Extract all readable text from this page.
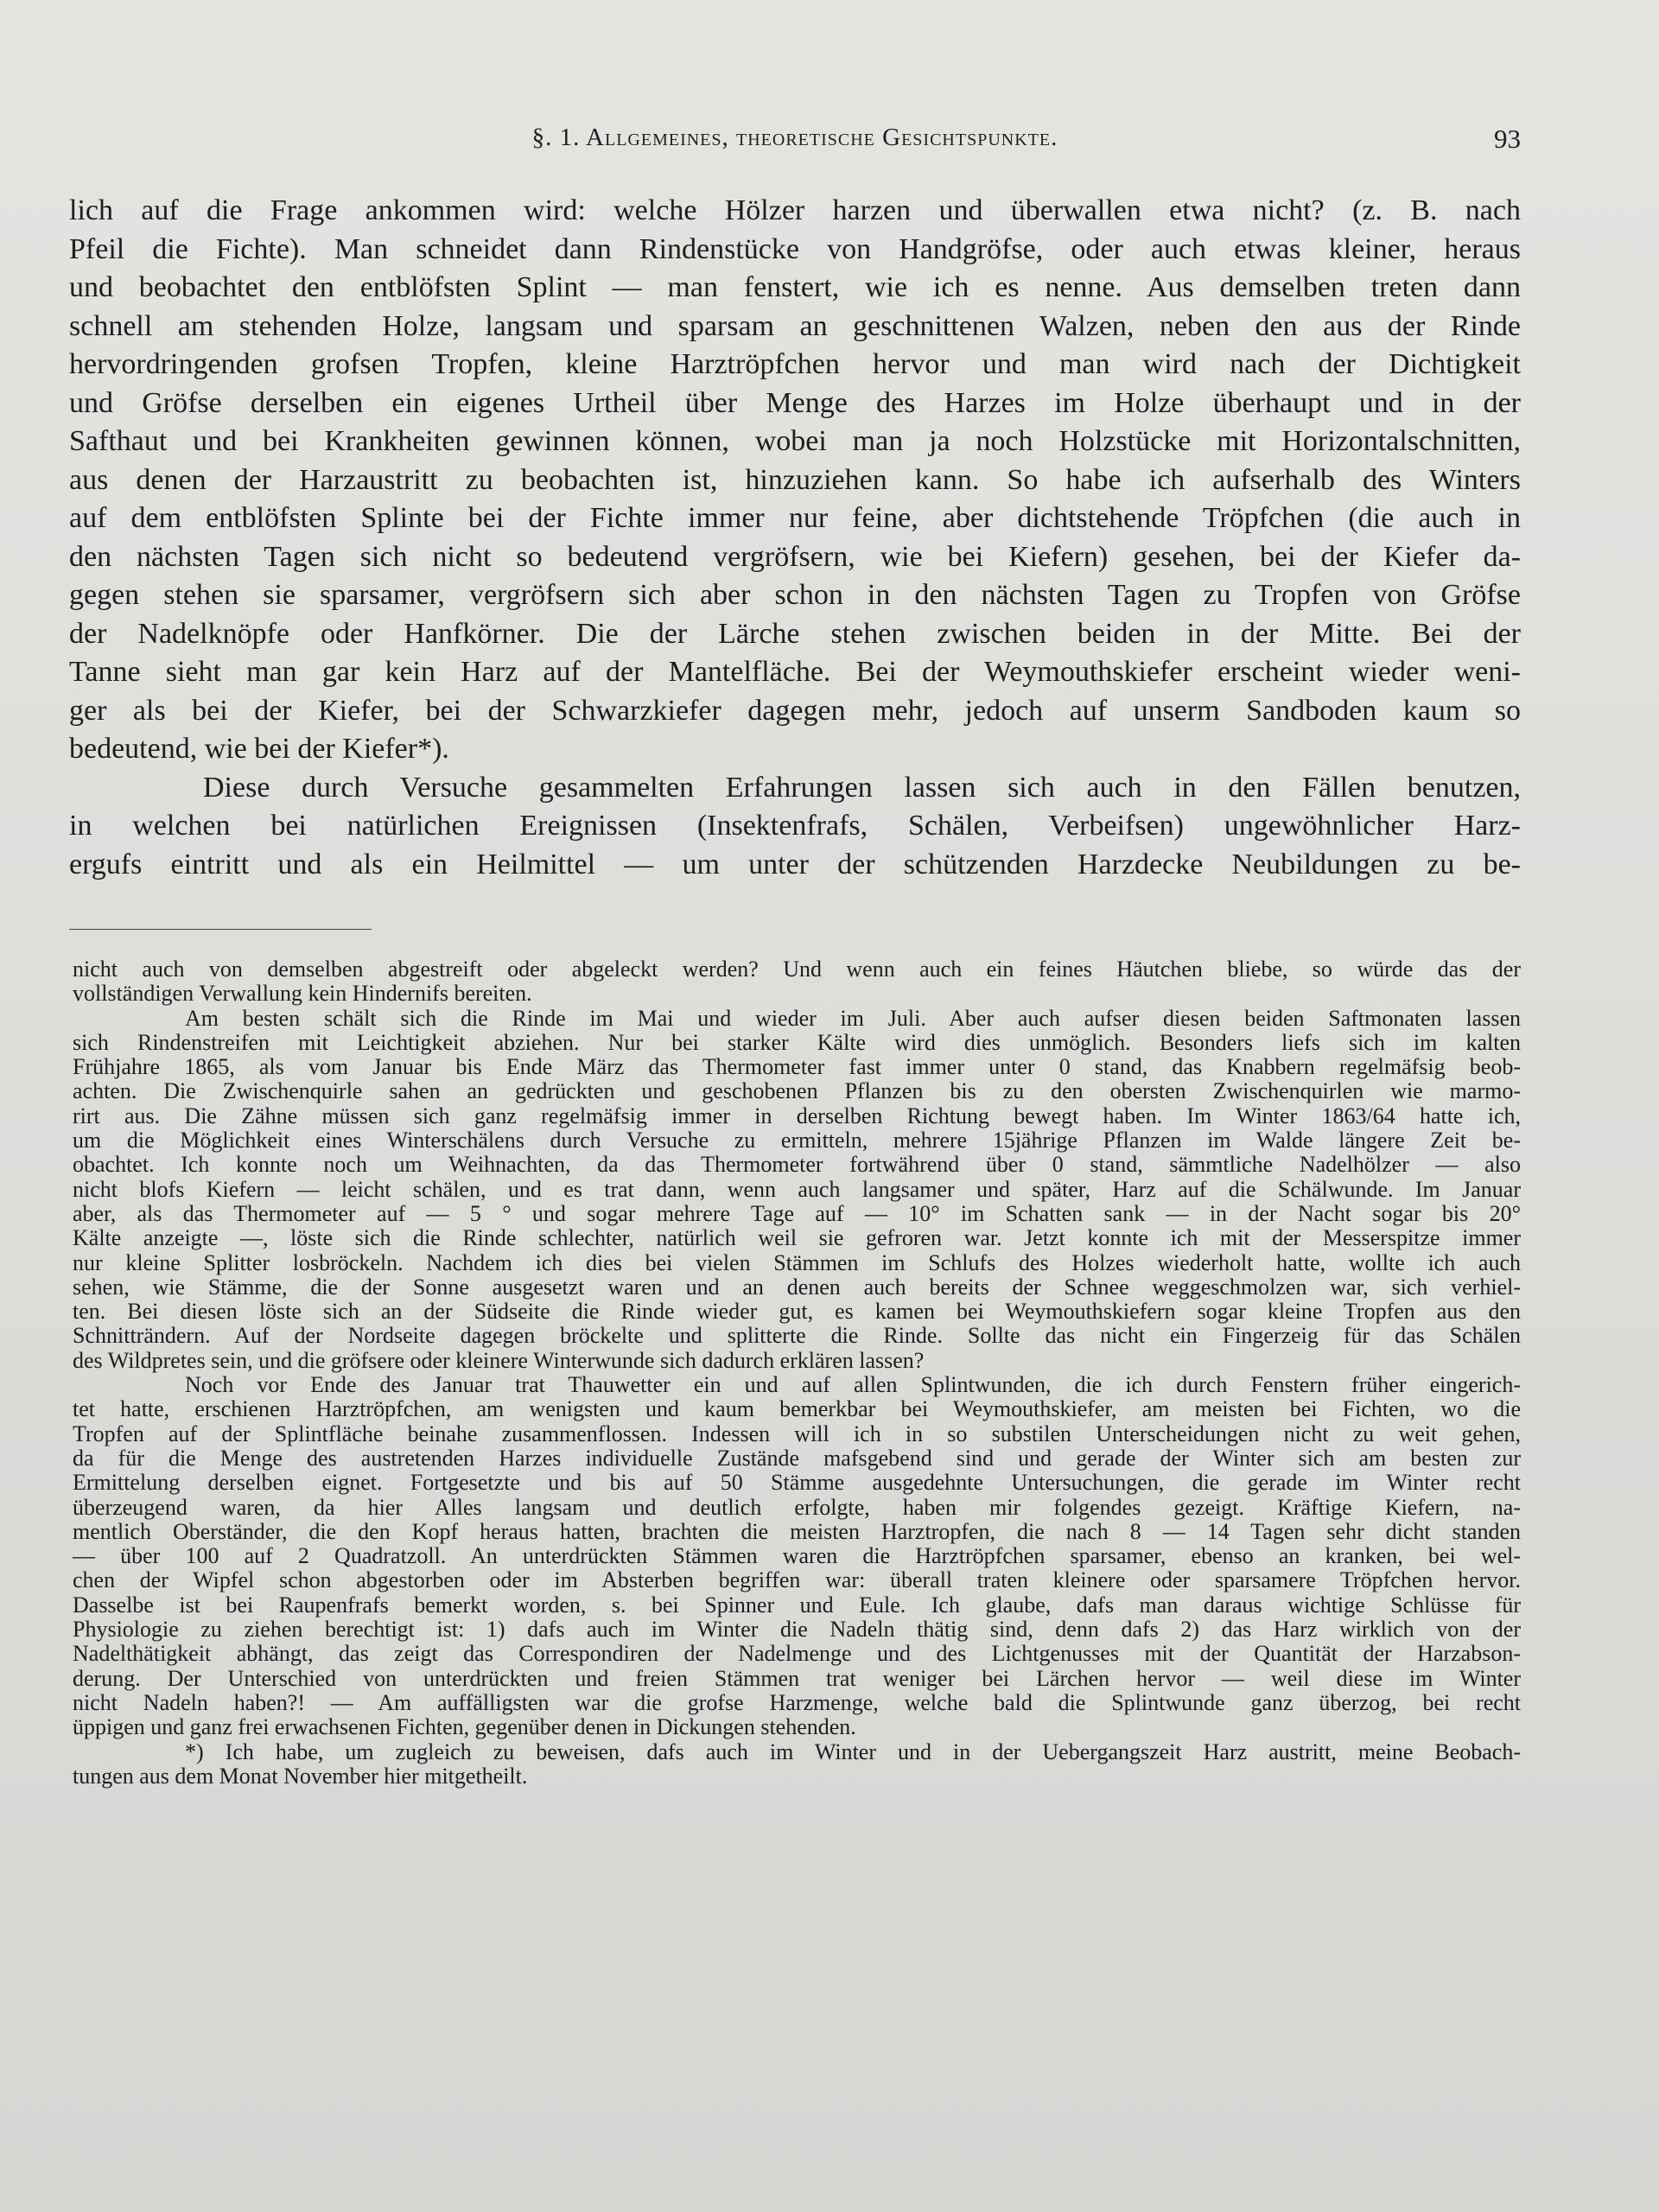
§. 1. Allgemeines, theoretische Gesichtspunkte.	93
lich auf die Frage ankommen wird: welche Hölzer harzen und überwallen etwa nicht? (z. B. nach
Pfeil die Fichte). Man schneidet dann Rindenstücke von Handgröfse, oder auch etwas kleiner, heraus
und beobachtet den entblöfsten Splint — man fenstert, wie ich es nenne. Aus demselben treten dann
schnell am stehenden Holze, langsam und sparsam an geschnittenen Walzen, neben den aus der Rinde
hervordringenden grofsen Tropfen, kleine Harztröpfchen hervor und man wird nach der Dichtigkeit
und Gröfse derselben ein eigenes Urtheil über Menge des Harzes im Holze überhaupt und in der
Safthaut und bei Krankheiten gewinnen können, wobei man ja noch Holzstücke mit Horizontalschnitten,
aus denen der Harzaustritt zu beobachten ist, hinzuziehen kann. So habe ich aufserhalb des Winters
auf dem entblöfsten Splinte bei der Fichte immer nur feine, aber dichtstehende Tröpfchen (die auch in
den nächsten Tagen sich nicht so bedeutend vergröfsern, wie bei Kiefern) gesehen, bei der Kiefer da-
gegen stehen sie sparsamer, vergröfsern sich aber schon in den nächsten Tagen zu Tropfen von Gröfse
der Nadelknöpfe oder Hanfkörner. Die der Lärche stehen zwischen beiden in der Mitte. Bei der
Tanne sieht man gar kein Harz auf der Mantelfläche. Bei der Weymouthskiefer erscheint wieder weni-
ger als bei der Kiefer, bei der Schwarzkiefer dagegen mehr, jedoch auf unserm Sandboden kaum so
bedeutend, wie bei der Kiefer*).
Diese durch Versuche gesammelten Erfahrungen lassen sich auch in den Fällen benutzen,
in welchen bei natürlichen Ereignissen (Insektenfrafs, Schälen, Verbeifsen) ungewöhnlicher Harz-
ergufs eintritt und als ein Heilmittel — um unter der schützenden Harzdecke Neubildungen zu be-
nicht auch von demselben abgestreift oder abgeleckt werden? Und wenn auch ein feines Häutchen bliebe, so würde das der
vollständigen Verwallung kein Hindernifs bereiten.
Am besten schält sich die Rinde im Mai und wieder im Juli. Aber auch aufser diesen beiden Saftmonaten lassen
sich Rindenstreifen mit Leichtigkeit abziehen. Nur bei starker Kälte wird dies unmöglich. Besonders liefs sich im kalten
Frühjahre 1865, als vom Januar bis Ende März das Thermometer fast immer unter 0 stand, das Knabbern regelmäfsig beob-
achten. Die Zwischenquirle sahen an gedrückten und geschobenen Pflanzen bis zu den obersten Zwischenquirlen wie marmo-
rirt aus. Die Zähne müssen sich ganz regelmäfsig immer in derselben Richtung bewegt haben. Im Winter 1863/64 hatte ich,
um die Möglichkeit eines Winterschälens durch Versuche zu ermitteln, mehrere 15jährige Pflanzen im Walde längere Zeit be-
obachtet. Ich konnte noch um Weihnachten, da das Thermometer fortwährend über 0 stand, sämmtliche Nadelhölzer — also
nicht blofs Kiefern — leicht schälen, und es trat dann, wenn auch langsamer und später, Harz auf die Schälwunde. Im Januar
aber, als das Thermometer auf — 5 ° und sogar mehrere Tage auf — 10° im Schatten sank — in der Nacht sogar bis 20°
Kälte anzeigte —, löste sich die Rinde schlechter, natürlich weil sie gefroren war. Jetzt konnte ich mit der Messerspitze immer
nur kleine Splitter losbröckeln. Nachdem ich dies bei vielen Stämmen im Schlufs des Holzes wiederholt hatte, wollte ich auch
sehen, wie Stämme, die der Sonne ausgesetzt waren und an denen auch bereits der Schnee weggeschmolzen war, sich verhiel-
ten. Bei diesen löste sich an der Südseite die Rinde wieder gut, es kamen bei Weymouthskiefern sogar kleine Tropfen aus den
Schnitträndern. Auf der Nordseite dagegen bröckelte und splitterte die Rinde. Sollte das nicht ein Fingerzeig für das Schälen
des Wildpretes sein, und die gröfsere oder kleinere Winterwunde sich dadurch erklären lassen?
Noch vor Ende des Januar trat Thauwetter ein und auf allen Splintwunden, die ich durch Fenstern früher eingerich-
tet hatte, erschienen Harztröpfchen, am wenigsten und kaum bemerkbar bei Weymouthskiefer, am meisten bei Fichten, wo die
Tropfen auf der Splintfläche beinahe zusammenflossen. Indessen will ich in so substilen Unterscheidungen nicht zu weit gehen,
da für die Menge des austretenden Harzes individuelle Zustände mafsgebend sind und gerade der Winter sich am besten zur
Ermittelung derselben eignet. Fortgesetzte und bis auf 50 Stämme ausgedehnte Untersuchungen, die gerade im Winter recht
überzeugend waren, da hier Alles langsam und deutlich erfolgte, haben mir folgendes gezeigt. Kräftige Kiefern, na-
mentlich Oberständer, die den Kopf heraus hatten, brachten die meisten Harztropfen, die nach 8 — 14 Tagen sehr dicht standen
— über 100 auf 2 Quadratzoll. An unterdrückten Stämmen waren die Harztröpfchen sparsamer, ebenso an kranken, bei wel-
chen der Wipfel schon abgestorben oder im Absterben begriffen war: überall traten kleinere oder sparsamere Tröpfchen hervor.
Dasselbe ist bei Raupenfrafs bemerkt worden, s. bei Spinner und Eule. Ich glaube, dafs man daraus wichtige Schlüsse für
Physiologie zu ziehen berechtigt ist: 1) dafs auch im Winter die Nadeln thätig sind, denn dafs 2) das Harz wirklich von der
Nadelthätigkeit abhängt, das zeigt das Correspondiren der Nadelmenge und des Lichtgenusses mit der Quantität der Harzabson-
derung. Der Unterschied von unterdrückten und freien Stämmen trat weniger bei Lärchen hervor — weil diese im Winter
nicht Nadeln haben?! — Am auffälligsten war die grofse Harzmenge, welche bald die Splintwunde ganz überzog, bei recht
üppigen und ganz frei erwachsenen Fichten, gegenüber denen in Dickungen stehenden.
*) Ich habe, um zugleich zu beweisen, dafs auch im Winter und in der Uebergangszeit Harz austritt, meine Beobach-
tungen aus dem Monat November hier mitgetheilt.
